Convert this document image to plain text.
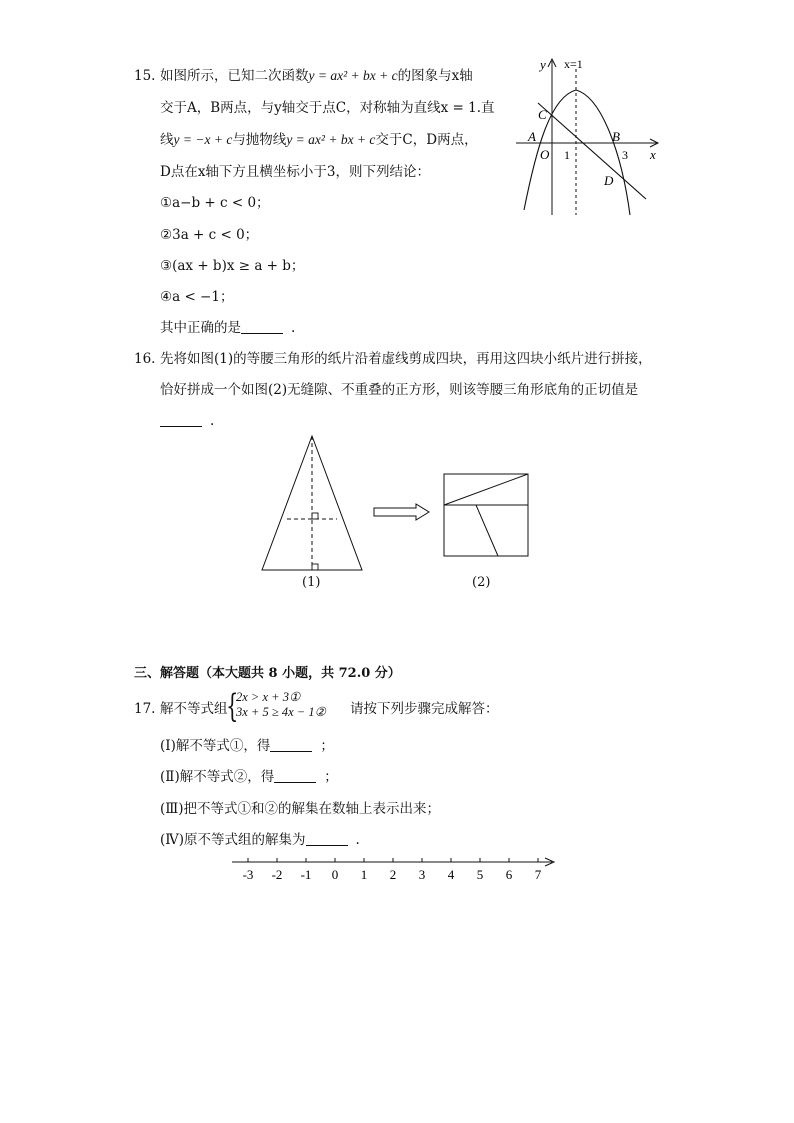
15. 如图所示，已知二次函数y = ax² + bx + c的图象与x轴
交于A，B两点，与y轴交于点C，对称轴为直线x = 1.直
线y = −x + c与抛物线y = ax² + bx + c交于C，D两点，
D点在x轴下方且横坐标小于3，则下列结论：
①a−b + c < 0；
②3a + c < 0；
③(ax + b)x ≥ a + b；
④a < −1；
其中正确的是	.
y x=1
C
A	B
O 1	3 x
D
16. 先将如图(1)的等腰三角形的纸片沿着虚线剪成四块，再用这四块小纸片进行拼接，
恰好拼成一个如图(2)无缝隙、不重叠的正方形，则该等腰三角形底角的正切值是
.
(1)	(2)
三、解答题（本大题共 8 小题，共 72.0 分）
17. 解不等式组
{
2x > x + 3①
3x + 5 ≥ 4x − 1② 请按下列步骤完成解答：
(Ⅰ)解不等式①，得	；
(Ⅱ)解不等式②，得	；
(Ⅲ)把不等式①和②的解集在数轴上表示出来；
(Ⅳ)原不等式组的解集为	.
-3 -2 -1 0 1 2 3 4 5 6 7
